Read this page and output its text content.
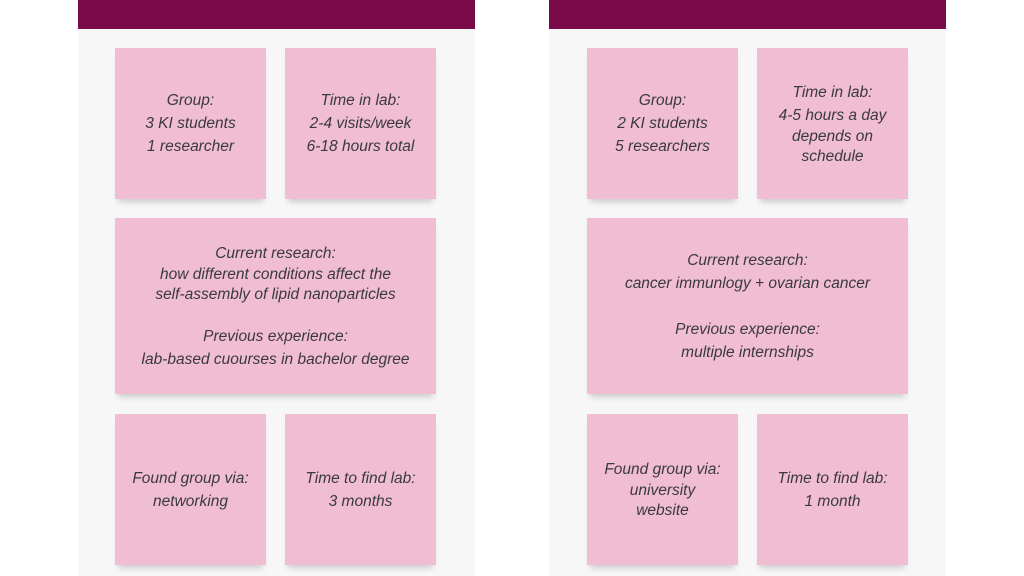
Group:
3 KI students
1 researcher
Time in lab:
2-4 visits/week
6-18 hours total
Current research:
how different conditions affect the
self-assembly of lipid nanoparticles
Previous experience:
lab-based cuourses in bachelor degree
Found group via:
networking
Time to find lab:
3 months
Group:
2 KI students
5 researchers
Time in lab:
4-5 hours a day
depends on
schedule
Current research:
cancer immunlogy + ovarian cancer
Previous experience:
multiple internships
Found group via:
university
website
Time to find lab:
1 month
